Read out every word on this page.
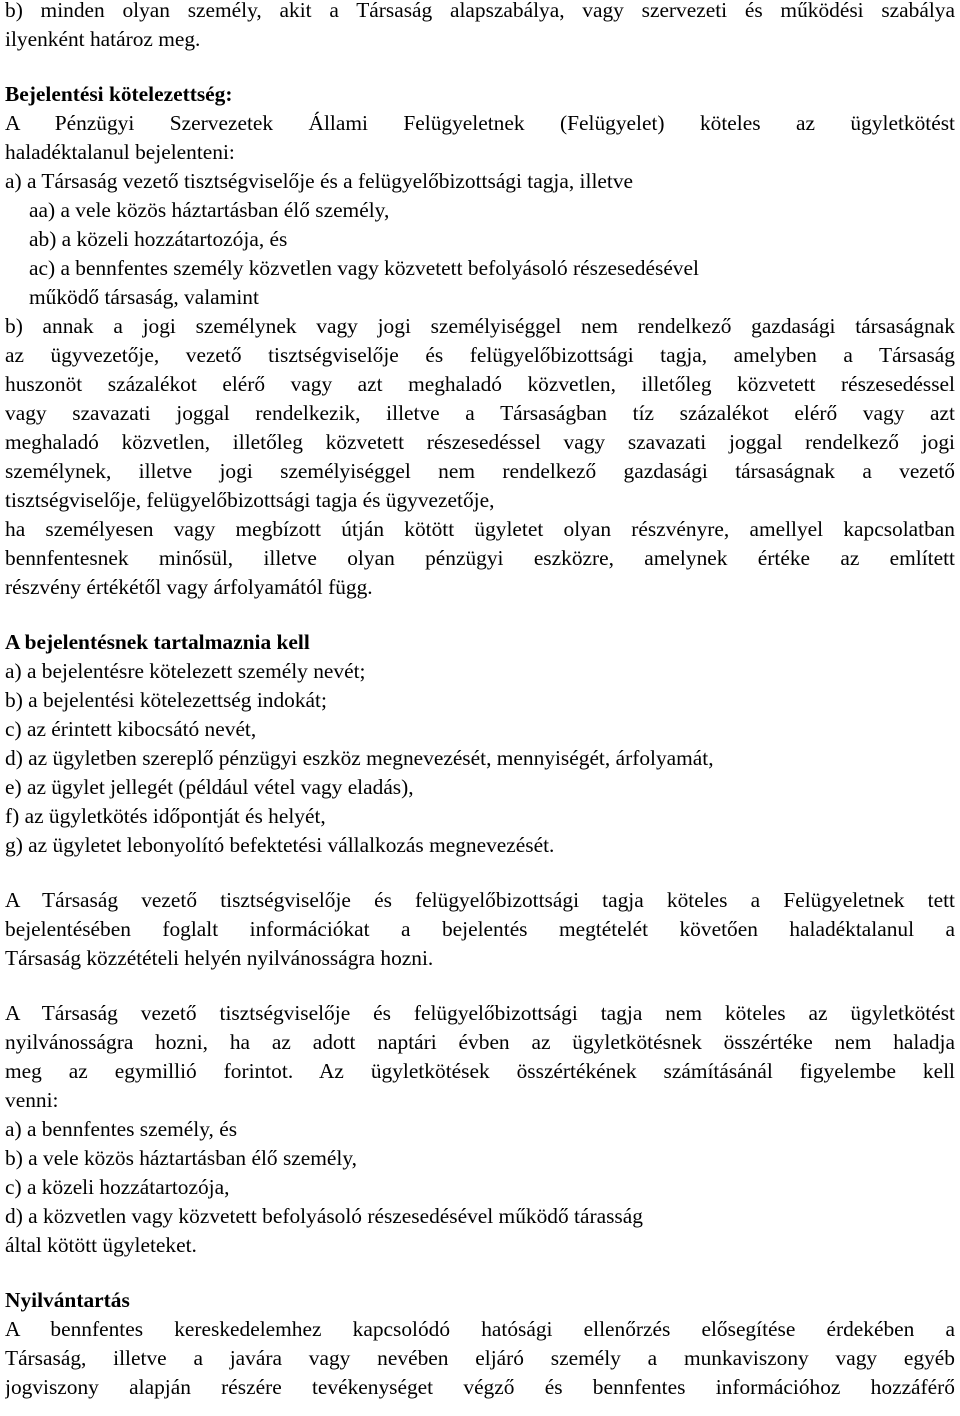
b) minden olyan személy, akit a Társaság alapszabálya, vagy szervezeti és működési szabálya
ilyenként határoz meg.
Bejelentési kötelezettség:
A Pénzügyi Szervezetek Állami Felügyeletnek (Felügyelet) köteles az ügyletkötést
haladéktalanul bejelenteni:
a) a Társaság vezető tisztségviselője és a felügyelőbizottsági tagja, illetve
aa) a vele közös háztartásban élő személy,
ab) a közeli hozzátartozója, és
ac) a bennfentes személy közvetlen vagy közvetett befolyásoló részesedésével
működő társaság, valamint
b) annak a jogi személynek vagy jogi személyiséggel nem rendelkező gazdasági társaságnak
az ügyvezetője, vezető tisztségviselője és felügyelőbizottsági tagja, amelyben a Társaság
huszonöt százalékot elérő vagy azt meghaladó közvetlen, illetőleg közvetett részesedéssel
vagy szavazati joggal rendelkezik, illetve a Társaságban tíz százalékot elérő vagy azt
meghaladó közvetlen, illetőleg közvetett részesedéssel vagy szavazati joggal rendelkező jogi
személynek, illetve jogi személyiséggel nem rendelkező gazdasági társaságnak a vezető
tisztségviselője, felügyelőbizottsági tagja és ügyvezetője,
ha személyesen vagy megbízott útján kötött ügyletet olyan részvényre, amellyel kapcsolatban
bennfentesnek minősül, illetve olyan pénzügyi eszközre, amelynek értéke az említett
részvény értékétől vagy árfolyamától függ.
A bejelentésnek tartalmaznia kell
a) a bejelentésre kötelezett személy nevét;
b) a bejelentési kötelezettség indokát;
c) az érintett kibocsátó nevét,
d) az ügyletben szereplő pénzügyi eszköz megnevezését, mennyiségét, árfolyamát,
e) az ügylet jellegét (például vétel vagy eladás),
f) az ügyletkötés időpontját és helyét,
g) az ügyletet lebonyolító befektetési vállalkozás megnevezését.
A Társaság vezető tisztségviselője és felügyelőbizottsági tagja köteles a Felügyeletnek tett
bejelentésében foglalt információkat a bejelentés megtételét követően haladéktalanul a
Társaság közzétételi helyén nyilvánosságra hozni.
A Társaság vezető tisztségviselője és felügyelőbizottsági tagja nem köteles az ügyletkötést
nyilvánosságra hozni, ha az adott naptári évben az ügyletkötésnek összértéke nem haladja
meg az egymillió forintot. Az ügyletkötések összértékének számításánál figyelembe kell
venni:
a) a bennfentes személy, és
b) a vele közös háztartásban élő személy,
c) a közeli hozzátartozója,
d) a közvetlen vagy közvetett befolyásoló részesedésével működő tárasság
által kötött ügyleteket.
Nyilvántartás
A bennfentes kereskedelemhez kapcsolódó hatósági ellenőrzés elősegítése érdekében a
Társaság, illetve a javára vagy nevében eljáró személy a munkaviszony vagy egyéb
jogviszony alapján részére tevékenységet végző és bennfentes információhoz hozzáférő
